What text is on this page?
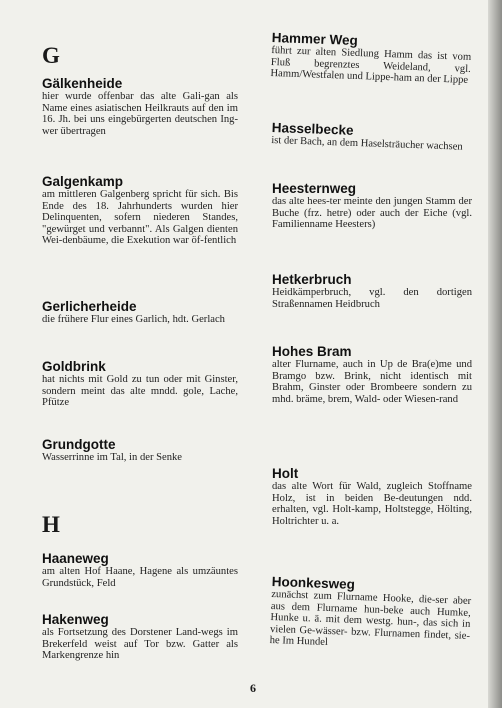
G

Gälkenheide

hier wurde offenbar das alte Gali-gan als Name eines asiatischen Heilkrauts auf den im 16. Jh. bei uns eingebürgerten deutschen Ing-wer übertragen

Galgenkamp

am mittleren Galgenberg spricht für sich. Bis Ende des 18. Jahrhunderts wurden hier Delinquenten, sofern niederen Standes, "gewürget und verbannt". Als Galgen dienten Wei-denbäume, die Exekution war öf-fentlich

Gerlicherheide

die frühere Flur eines Garlich, hdt. Gerlach

Goldbrink

hat nichts mit Gold zu tun oder mit Ginster, sondern meint das alte mndd. gole, Lache, Pfütze

Grundgotte

Wasserrinne im Tal, in der Senke

H

Haaneweg

am alten Hof Haane, Hagene als umzäuntes Grundstück, Feld

Hakenweg

als Fortsetzung des Dorstener Land-wegs im Brekerfeld weist auf Tor bzw. Gatter als Markengrenze hin

Hammer Weg

führt zur alten Siedlung Hamm das ist vom Fluß begrenztes Weideland, vgl. Hamm/Westfalen und Lippe-ham an der Lippe

Hasselbecke

ist der Bach, an dem Haselsträucher wachsen

Heesternweg

das alte hees-ter meinte den jungen Stamm der Buche (frz. hetre) oder auch der Eiche (vgl. Familienname Heesters)

Hetkerbruch

Heidkämperbruch, vgl. den dortigen Straßennamen Heidbruch

Hohes Bram

alter Flurname, auch in Up de Bra(e)me und Bramgo bzw. Brink, nicht identisch mit Brahm, Ginster oder Brombeere sondern zu mhd. bräme, brem, Wald- oder Wiesen-rand

Holt

das alte Wort für Wald, zugleich Stoffname Holz, ist in beiden Be-deutungen ndd. erhalten, vgl. Holt-kamp, Holtstegge, Hölting, Holtrichter u. a.

Hoonkesweg

zunächst zum Flurname Hooke, die-ser aber aus dem Flurname hun-beke auch Humke, Hunke u. ä. mit dem westg. hun-, das sich in vielen Ge-wässer- bzw. Flurnamen findet, sie-he Im Hundel

6
